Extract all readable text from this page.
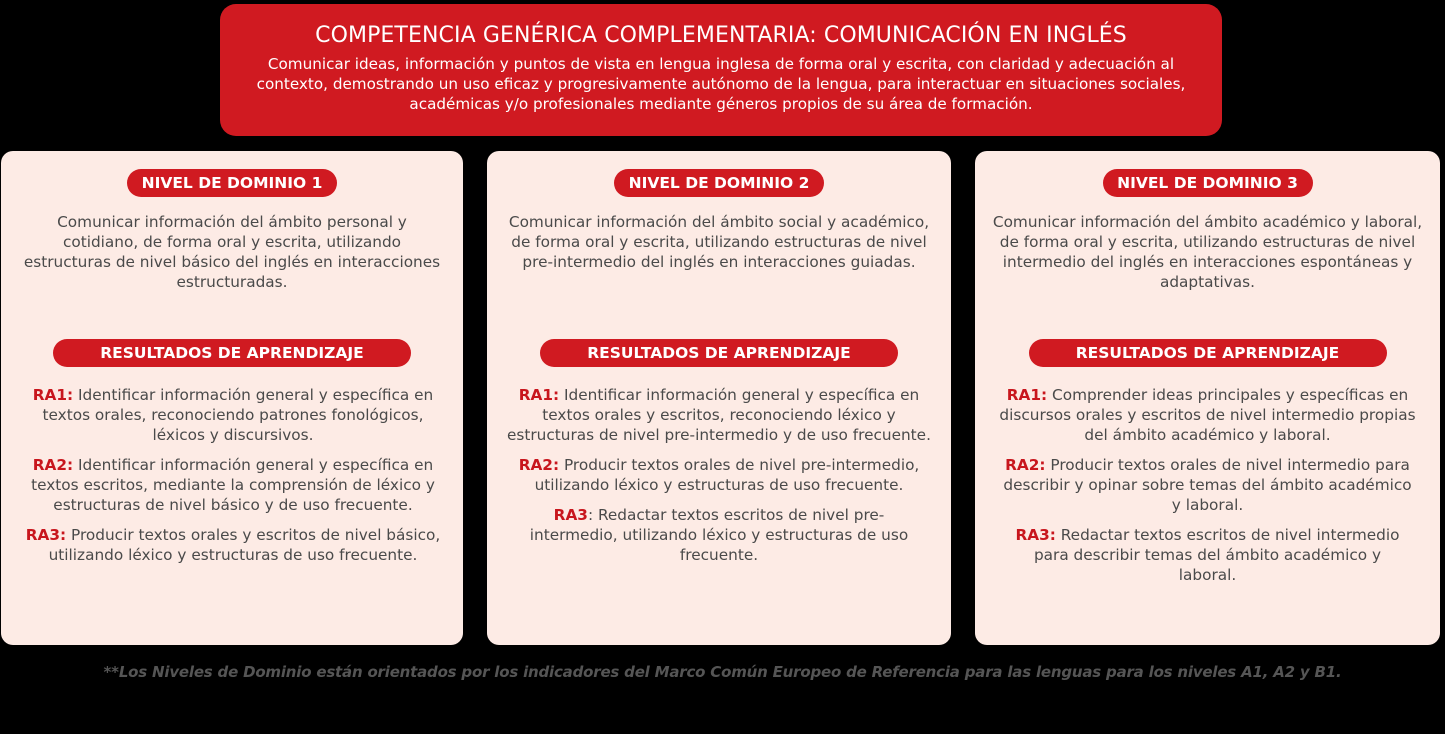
COMPETENCIA GENÉRICA COMPLEMENTARIA: COMUNICACIÓN EN INGLÉS
Comunicar ideas, información y puntos de vista en lengua inglesa de forma oral y escrita, con claridad y adecuación al contexto, demostrando un uso eficaz y progresivamente autónomo de la lengua, para interactuar en situaciones sociales, académicas y/o profesionales mediante géneros propios de su área de formación.
NIVEL DE DOMINIO 1
Comunicar información del ámbito personal y cotidiano, de forma oral y escrita, utilizando estructuras de nivel básico del inglés en interacciones estructuradas.
RESULTADOS DE APRENDIZAJE
RA1: Identificar información general y específica en textos orales, reconociendo patrones fonológicos, léxicos y discursivos.
RA2: Identificar información general y específica en textos escritos, mediante la comprensión de léxico y estructuras de nivel básico y de uso frecuente.
RA3: Producir textos orales y escritos de nivel básico, utilizando léxico y estructuras de uso frecuente.
NIVEL DE DOMINIO 2
Comunicar información del ámbito social y académico, de forma oral y escrita, utilizando estructuras de nivel pre-intermedio del inglés en interacciones guiadas.
RESULTADOS DE APRENDIZAJE
RA1: Identificar información general y específica en textos orales y escritos, reconociendo léxico y estructuras de nivel pre-intermedio y de uso frecuente.
RA2: Producir textos orales de nivel pre-intermedio, utilizando léxico y estructuras de uso frecuente.
RA3: Redactar textos escritos de nivel pre-intermedio, utilizando léxico y estructuras de uso frecuente.
NIVEL DE DOMINIO 3
Comunicar información del ámbito académico y laboral, de forma oral y escrita, utilizando estructuras de nivel intermedio del inglés en interacciones espontáneas y adaptativas.
RESULTADOS DE APRENDIZAJE
RA1: Comprender ideas principales y específicas en discursos orales y escritos de nivel intermedio propias del ámbito académico y laboral.
RA2: Producir textos orales de nivel intermedio para describir y opinar sobre temas del ámbito académico y laboral.
RA3: Redactar textos escritos de nivel intermedio para describir temas del ámbito académico y laboral.
**Los Niveles de Dominio están orientados por los indicadores del Marco Común Europeo de Referencia para las lenguas para los niveles A1, A2 y B1.
